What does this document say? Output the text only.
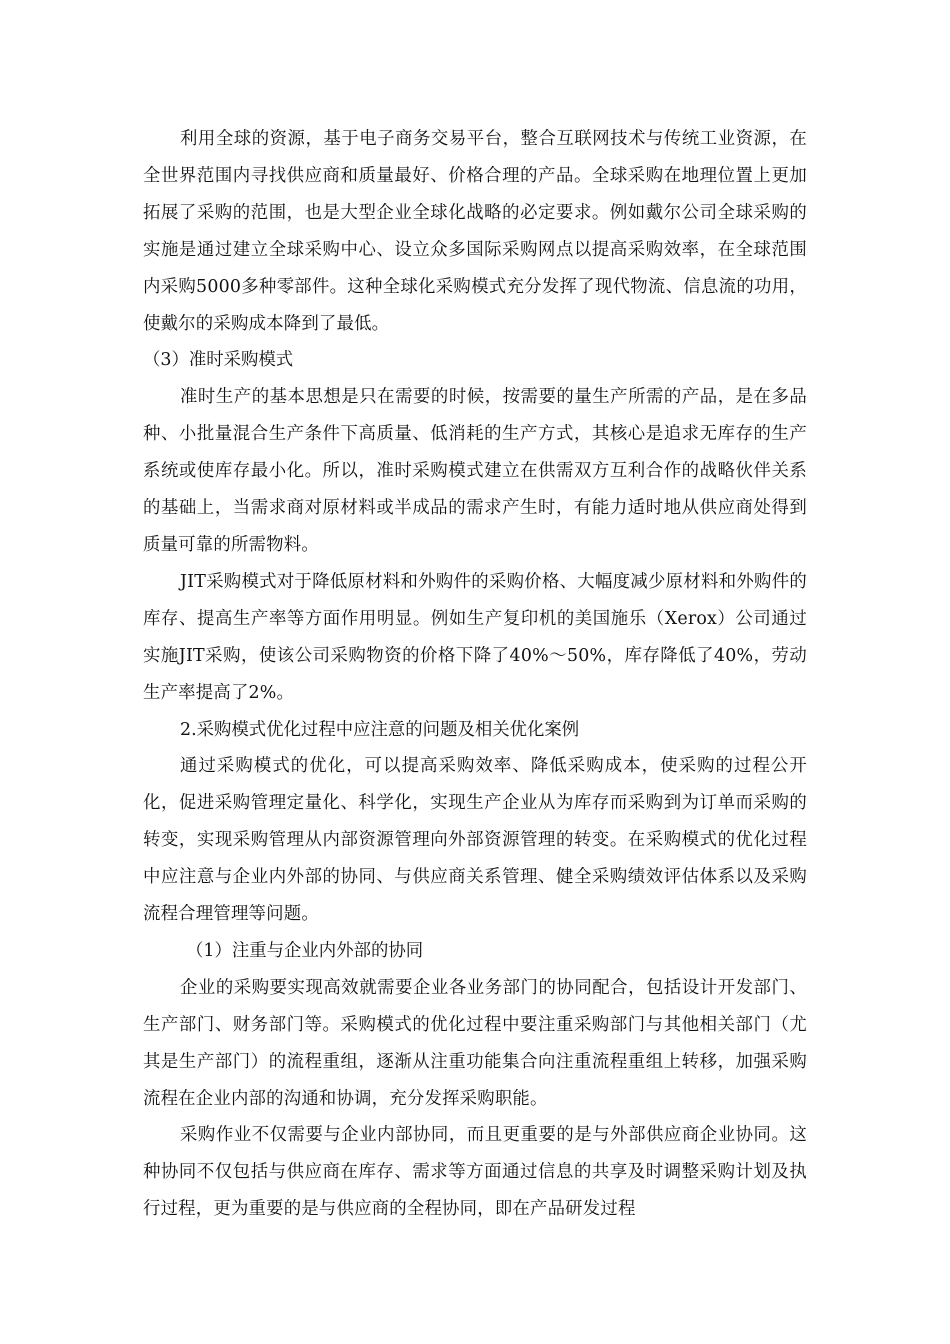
利用全球的资源，基于电子商务交易平台，整合互联网技术与传统工业资源，在全世界范围内寻找供应商和质量最好、价格合理的产品。全球采购在地理位置上更加拓展了采购的范围，也是大型企业全球化战略的必定要求。例如戴尔公司全球采购的实施是通过建立全球采购中心、设立众多国际采购网点以提高采购效率，在全球范围内采购5000多种零部件。这种全球化采购模式充分发挥了现代物流、信息流的功用，使戴尔的采购成本降到了最低。

（3）准时采购模式

准时生产的基本思想是只在需要的时候，按需要的量生产所需的产品，是在多品种、小批量混合生产条件下高质量、低消耗的生产方式，其核心是追求无库存的生产系统或使库存最小化。所以，准时采购模式建立在供需双方互利合作的战略伙伴关系的基础上，当需求商对原材料或半成品的需求产生时，有能力适时地从供应商处得到质量可靠的所需物料。

JIT采购模式对于降低原材料和外购件的采购价格、大幅度减少原材料和外购件的库存、提高生产率等方面作用明显。例如生产复印机的美国施乐（Xerox）公司通过实施JIT采购，使该公司采购物资的价格下降了40%～50%，库存降低了40%，劳动生产率提高了2%。

2.采购模式优化过程中应注意的问题及相关优化案例

通过采购模式的优化，可以提高采购效率、降低采购成本，使采购的过程公开化，促进采购管理定量化、科学化，实现生产企业从为库存而采购到为订单而采购的转变，实现采购管理从内部资源管理向外部资源管理的转变。在采购模式的优化过程中应注意与企业内外部的协同、与供应商关系管理、健全采购绩效评估体系以及采购流程合理管理等问题。

（1）注重与企业内外部的协同

企业的采购要实现高效就需要企业各业务部门的协同配合，包括设计开发部门、生产部门、财务部门等。采购模式的优化过程中要注重采购部门与其他相关部门（尤其是生产部门）的流程重组，逐渐从注重功能集合向注重流程重组上转移，加强采购流程在企业内部的沟通和协调，充分发挥采购职能。

采购作业不仅需要与企业内部协同，而且更重要的是与外部供应商企业协同。这种协同不仅包括与供应商在库存、需求等方面通过信息的共享及时调整采购计划及执行过程，更为重要的是与供应商的全程协同，即在产品研发过程
